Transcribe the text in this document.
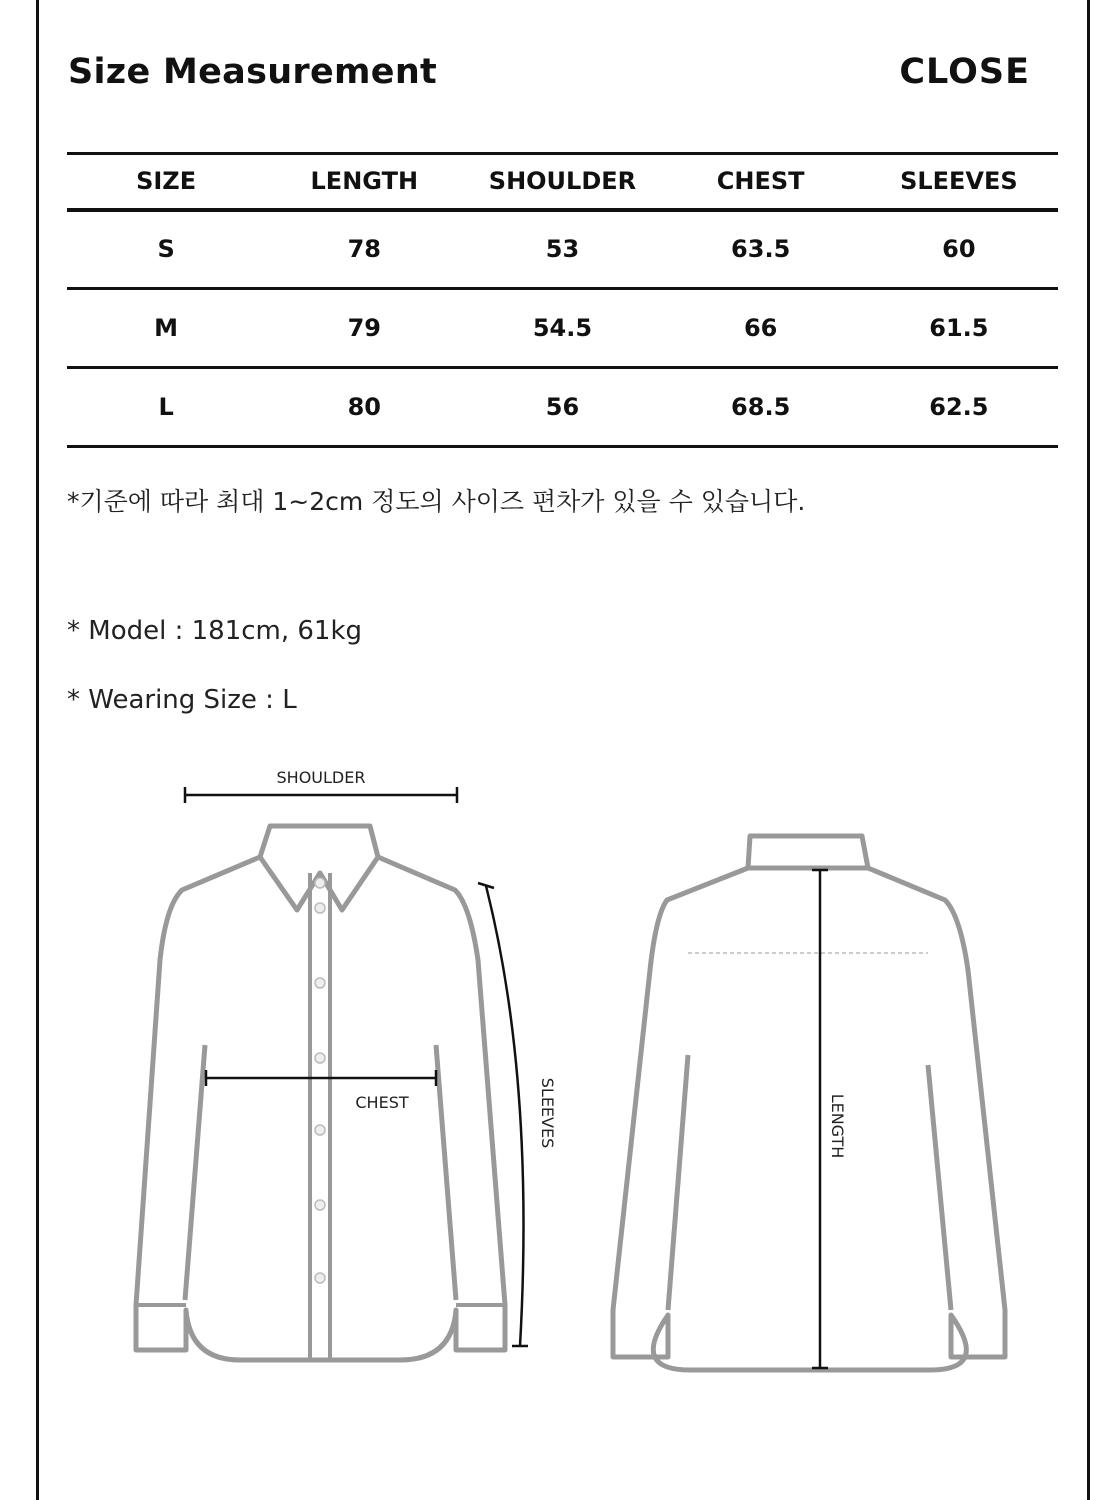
Size Measurement	CLOSE
SIZE	LENGTH	SHOULDER	CHEST	SLEEVES
S	78	53	63.5	60
M	79	54.5	66	61.5
L	80	56	68.5	62.5
*기준에 따라 최대 1~2cm 정도의 사이즈 편차가 있을 수 있습니다.
* Model : 181cm, 61kg
* Wearing Size : L
SHOULDER
CHEST	SLEEVES	LENGTH
